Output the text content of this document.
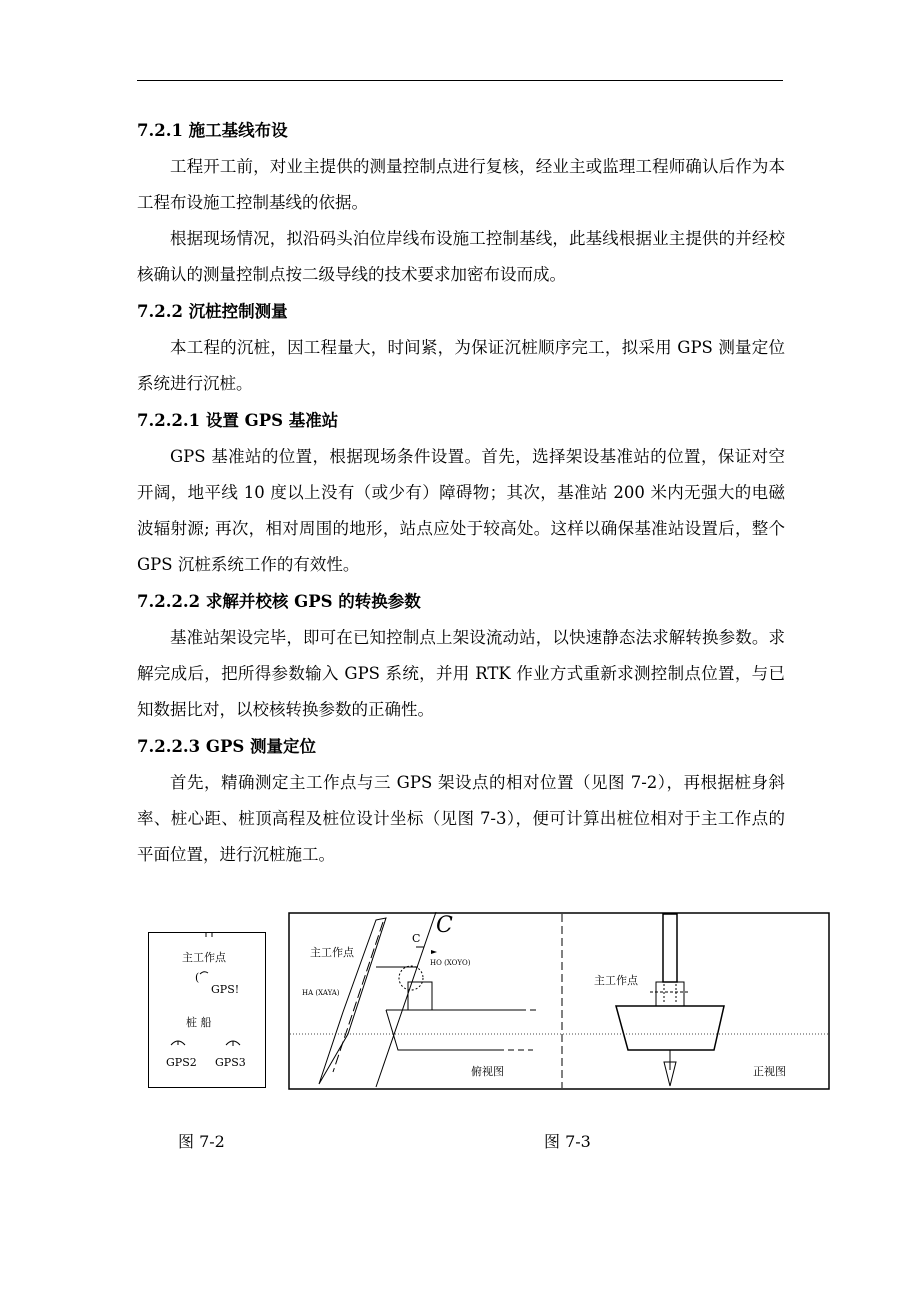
7.2.1 施工基线布设

工程开工前，对业主提供的测量控制点进行复核，经业主或监理工程师确认后作为本工程布设施工控制基线的依据。

根据现场情况，拟沿码头泊位岸线布设施工控制基线，此基线根据业主提供的并经校核确认的测量控制点按二级导线的技术要求加密布设而成。

7.2.2 沉桩控制测量

本工程的沉桩，因工程量大，时间紧，为保证沉桩顺序完工，拟采用 GPS 测量定位系统进行沉桩。

7.2.2.1 设置 GPS 基准站

GPS 基准站的位置，根据现场条件设置。首先，选择架设基准站的位置，保证对空开阔，地平线 10 度以上没有（或少有）障碍物；其次，基准站 200 米内无强大的电磁波辐射源; 再次，相对周围的地形，站点应处于较高处。这样以确保基准站设置后，整个 GPS 沉桩系统工作的有效性。

7.2.2.2 求解并校核 GPS 的转换参数

基准站架设完毕，即可在已知控制点上架设流动站，以快速静态法求解转换参数。求解完成后，把所得参数输入 GPS 系统，并用 RTK 作业方式重新求测控制点位置，与已知数据比对，以校核转换参数的正确性。

7.2.2.3 GPS 测量定位

首先，精确测定主工作点与三 GPS 架设点的相对位置（见图 7-2），再根据桩身斜率、桩心距、桩顶高程及桩位设计坐标（见图 7-3），便可计算出桩位相对于主工作点的平面位置，进行沉桩施工。

主工作点
(
GPS!
桩 船
GPS2 GPS3
C
C
主工作点
HO (XOYO)
HA (XAYA)
俯视图
主工作点
正视图
图 7-2	图 7-3
